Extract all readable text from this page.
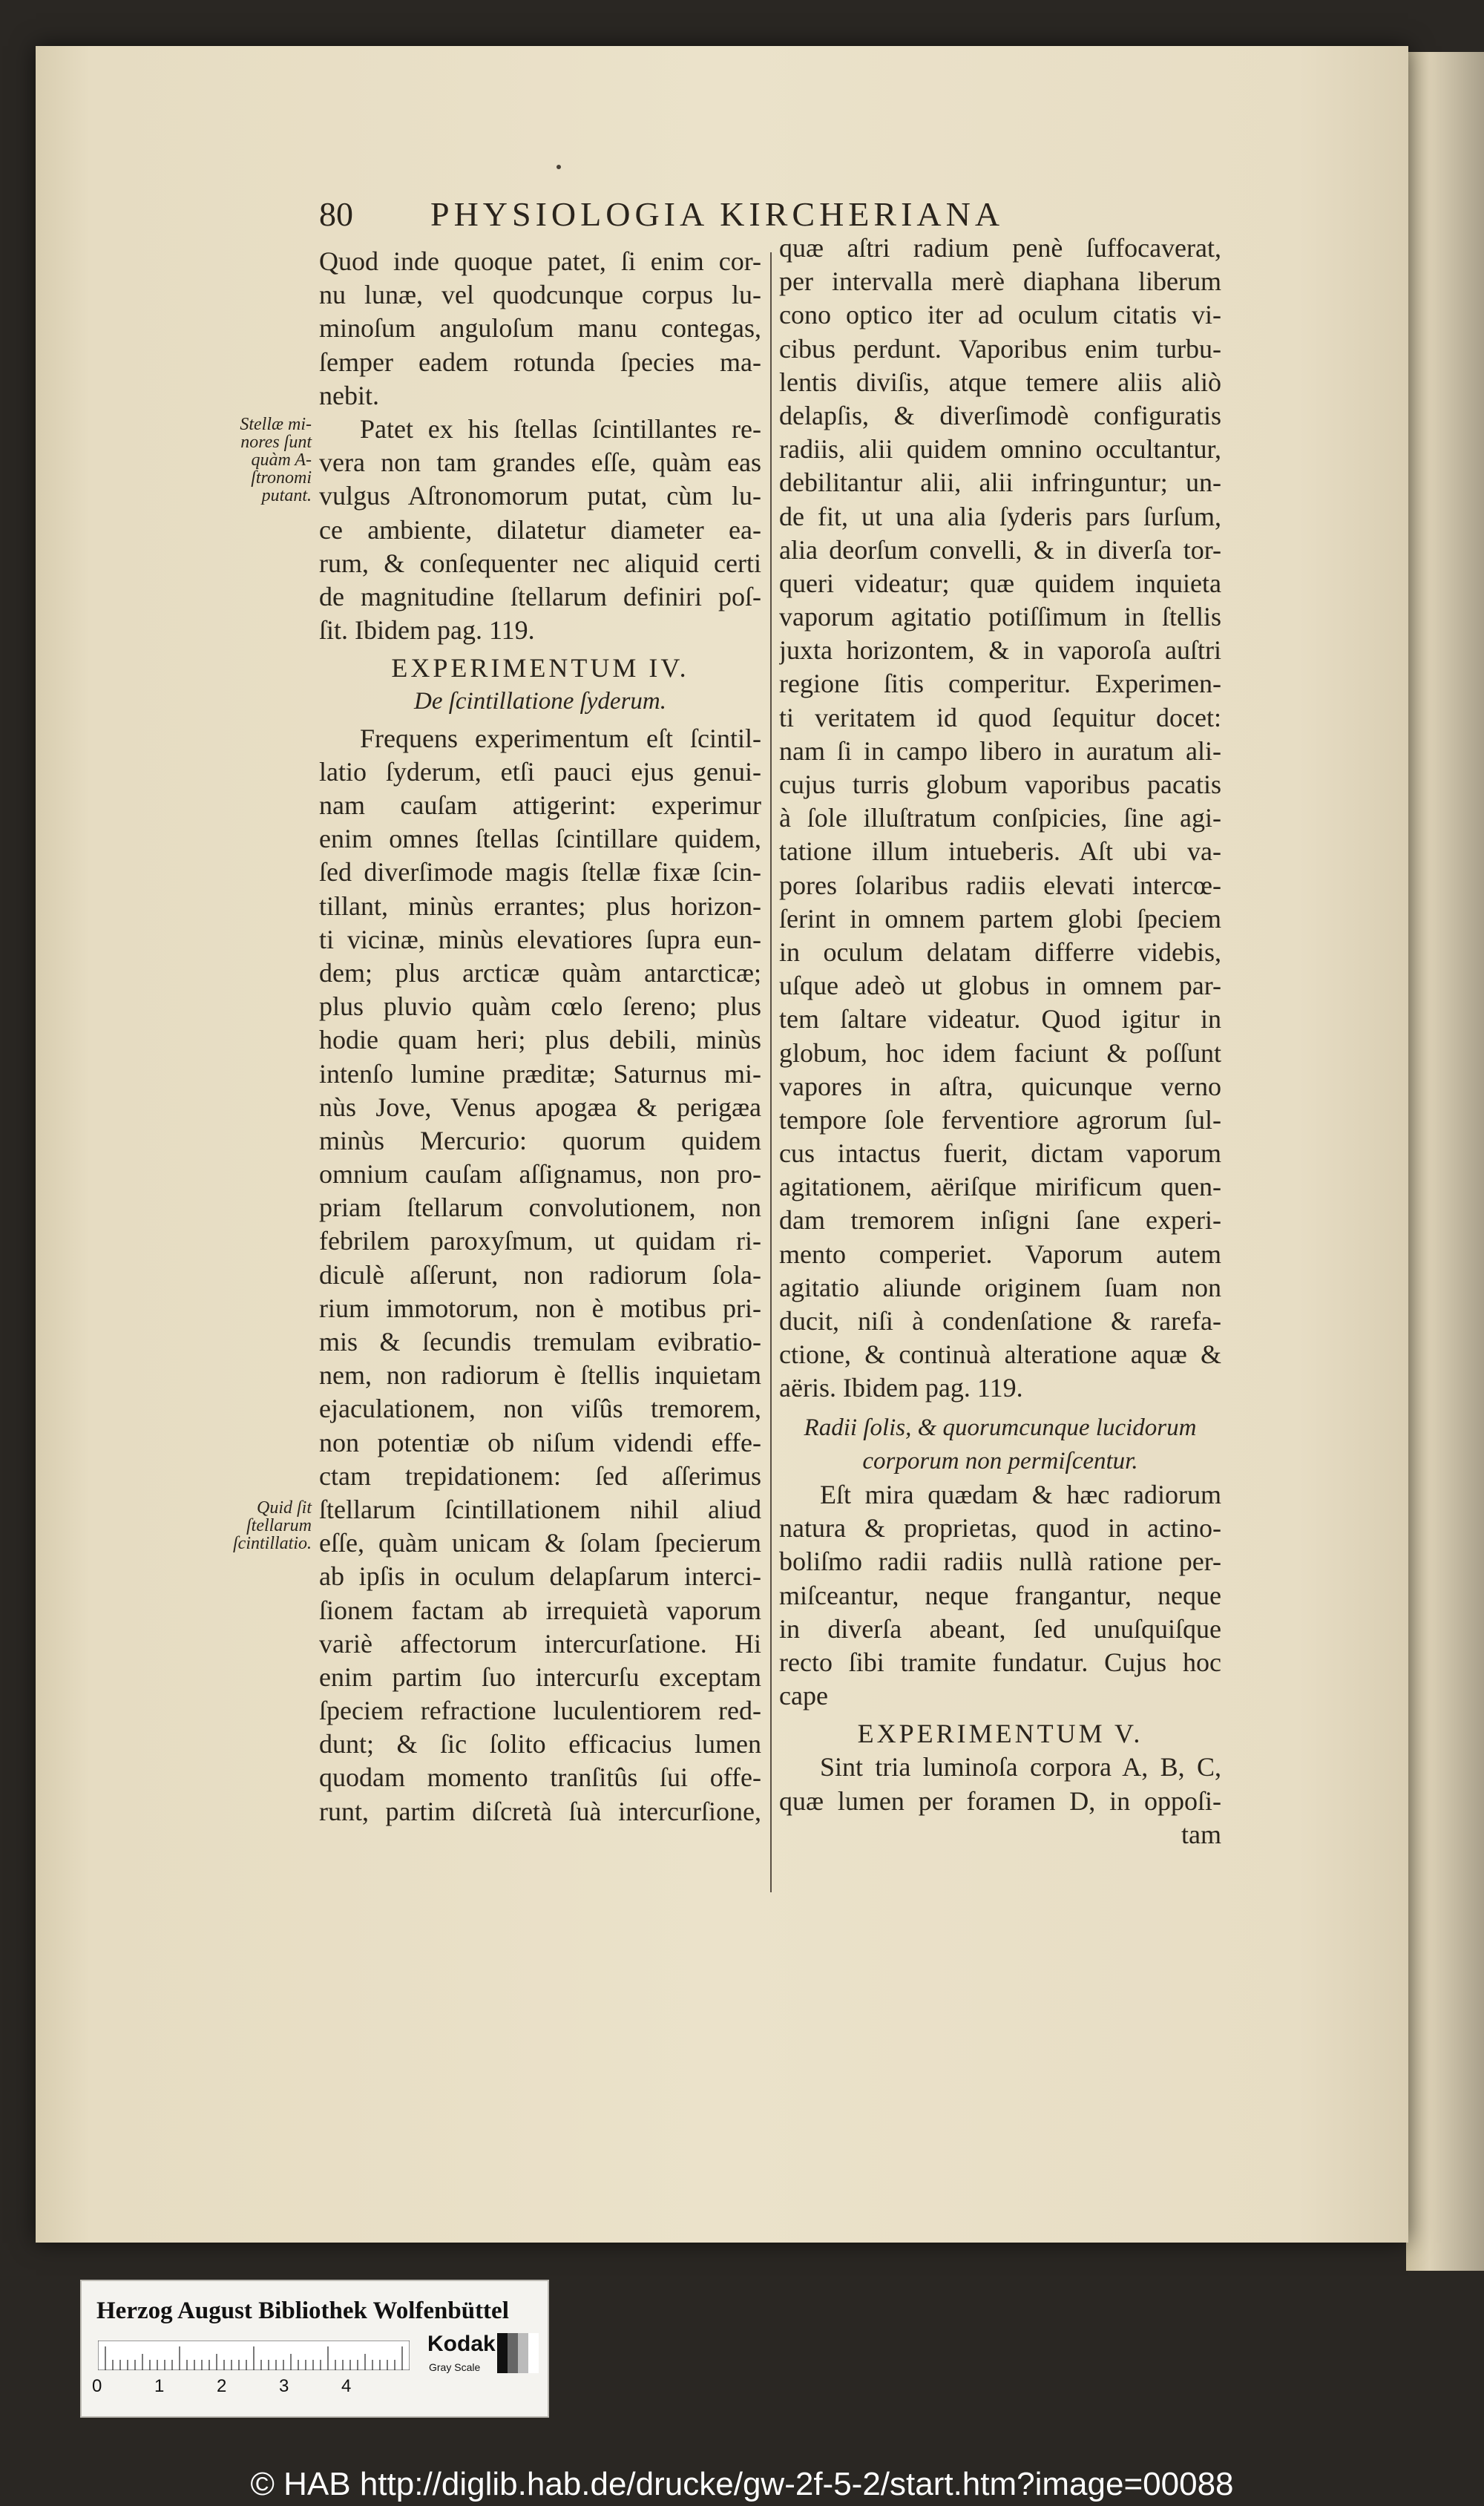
80 PHYSIOLOGIA KIRCHERIANA
Stellæ mi-
nores ſunt
quàm A-
ſtronomi
putant.
Quid ſit
ſtellarum
ſcintillatio.
Quod inde quoque patet, ſi enim cor-
nu lunæ, vel quodcunque corpus lu-
minoſum anguloſum manu contegas,
ſemper eadem rotunda ſpecies ma-
nebit.
Patet ex his ſtellas ſcintillantes re-
vera non tam grandes eſſe, quàm eas
vulgus Aſtronomorum putat, cùm lu-
ce ambiente, dilatetur diameter ea-
rum, & conſequenter nec aliquid certi
de magnitudine ſtellarum definiri poſ-
ſit. Ibidem pag. 119.
EXPERIMENTUM IV.
De ſcintillatione ſyderum.
Frequens experimentum eſt ſcintil-
latio ſyderum, etſi pauci ejus genui-
nam cauſam attigerint: experimur
enim omnes ſtellas ſcintillare quidem,
ſed diverſimode magis ſtellæ fixæ ſcin-
tillant, minùs errantes; plus horizon-
ti vicinæ, minùs elevatiores ſupra eun-
dem; plus arcticæ quàm antarcticæ;
plus pluvio quàm cœlo ſereno; plus
hodie quam heri; plus debili, minùs
intenſo lumine præditæ; Saturnus mi-
nùs Jove, Venus apogæa & perigæa
minùs Mercurio: quorum quidem
omnium cauſam aſſignamus, non pro-
priam ſtellarum convolutionem, non
febrilem paroxyſmum, ut quidam ri-
diculè aſſerunt, non radiorum ſola-
rium immotorum, non è motibus pri-
mis & ſecundis tremulam evibratio-
nem, non radiorum è ſtellis inquietam
ejaculationem, non viſûs tremorem,
non potentiæ ob niſum videndi effe-
ctam trepidationem: ſed aſſerimus
ſtellarum ſcintillationem nihil aliud
eſſe, quàm unicam & ſolam ſpecierum
ab ipſis in oculum delapſarum interci-
ſionem factam ab irrequietà vaporum
variè affectorum intercurſatione. Hi
enim partim ſuo intercurſu exceptam
ſpeciem refractione luculentiorem red-
dunt; & ſic ſolito efficacius lumen
quodam momento tranſitûs ſui offe-
runt, partim diſcretà ſuà intercurſione,
quæ aſtri radium penè ſuffocaverat,
per intervalla merè diaphana liberum
cono optico iter ad oculum citatis vi-
cibus perdunt. Vaporibus enim turbu-
lentis diviſis, atque temere aliis aliò
delapſis, & diverſimodè configuratis
radiis, alii quidem omnino occultantur,
debilitantur alii, alii infringuntur; un-
de fit, ut una alia ſyderis pars ſurſum,
alia deorſum convelli, & in diverſa tor-
queri videatur; quæ quidem inquieta
vaporum agitatio potiſſimum in ſtellis
juxta horizontem, & in vaporoſa auſtri
regione ſitis comperitur. Experimen-
ti veritatem id quod ſequitur docet:
nam ſi in campo libero in auratum ali-
cujus turris globum vaporibus pacatis
à ſole illuſtratum conſpicies, ſine agi-
tatione illum intueberis. Aſt ubi va-
pores ſolaribus radiis elevati intercœ-
ſerint in omnem partem globi ſpeciem
in oculum delatam differre videbis,
uſque adeò ut globus in omnem par-
tem ſaltare videatur. Quod igitur in
globum, hoc idem faciunt & poſſunt
vapores in aſtra, quicunque verno
tempore ſole ferventiore agrorum ſul-
cus intactus fuerit, dictam vaporum
agitationem, aëriſque mirificum quen-
dam tremorem inſigni ſane experi-
mento comperiet. Vaporum autem
agitatio aliunde originem ſuam non
ducit, niſi à condenſatione & rarefa-
ctione, & continuà alteratione aquæ &
aëris. Ibidem pag. 119.
Radii ſolis, & quorumcunque lucidorum
corporum non permiſcentur.
Eſt mira quædam & hæc radiorum
natura & proprietas, quod in actino-
boliſmo radii radiis nullà ratione per-
miſceantur, neque frangantur, neque
in diverſa abeant, ſed unuſquiſque
recto ſibi tramite fundatur. Cujus hoc
cape
EXPERIMENTUM V.
Sint tria luminoſa corpora A, B, C,
quæ lumen per foramen D, in oppoſi-
tam
Herzog August Bibliothek Wolfenbüttel
0	1	2	3	4
Kodak
Gray Scale
© HAB http://diglib.hab.de/drucke/gw-2f-5-2/start.htm?image=00088
